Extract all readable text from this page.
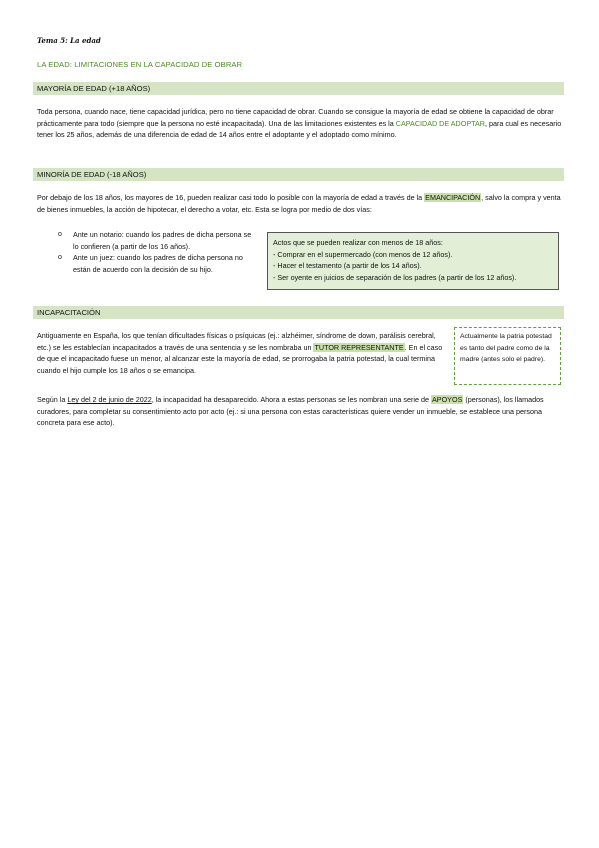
Tema 5: La edad
LA EDAD: LIMITACIONES EN LA CAPACIDAD DE OBRAR
MAYORÍA DE EDAD (+18 AÑOS)

Toda persona, cuando nace, tiene capacidad jurídica, pero no tiene capacidad de obrar. Cuando se consigue la mayoría de edad se obtiene la capacidad de obrar prácticamente para todo (siempre que la persona no esté incapacitada). Una de las limitaciones existentes es la CAPACIDAD DE ADOPTAR, para cual es necesario tener los 25 años, además de una diferencia de edad de 14 años entre el adoptante y el adoptado como mínimo.

MINORÍA DE EDAD (-18 AÑOS)

Por debajo de los 18 años, los mayores de 16, pueden realizar casi todo lo posible con la mayoría de edad a través de la EMANCIPACIÓN, salvo la compra y venta de bienes inmuebles, la acción de hipotecar, el derecho a votar, etc. Esta se logra por medio de dos vías:

o Ante un notario: cuando los padres de dicha persona se lo confieren (a partir de los 16 años).
o Ante un juez: cuando los padres de dicha persona no están de acuerdo con la decisión de su hijo.

Actos que se pueden realizar con menos de 18 años:

- Comprar en el supermercado (con menos de 12 años).

- Hacer el testamento (a partir de los 14 años).

- Ser oyente en juicios de separación de los padres (a partir de los 12 años).

INCAPACITACIÓN

Antiguamente en España, los que tenían dificultades físicas o psíquicas (ej.: alzhéimer, síndrome de down, parálisis cerebral, etc.) se les establecían incapacitados a través de una sentencia y se les nombraba un TUTOR REPRESENTANTE. En el caso de que el incapacitado fuese un menor, al alcanzar este la mayoría de edad, se prorrogaba la patria potestad, la cual termina cuando el hijo cumple los 18 años o se emancipa.

Actualmente la patria potestad es tanto del padre como de la madre (antes solo el padre).

Según la Ley del 2 de junio de 2022, la incapacidad ha desaparecido. Ahora a estas personas se les nombran una serie de APOYOS (personas), los llamados curadores, para completar su consentimiento acto por acto (ej.: si una persona con estas características quiere vender un inmueble, se establece una persona concreta para ese acto).
